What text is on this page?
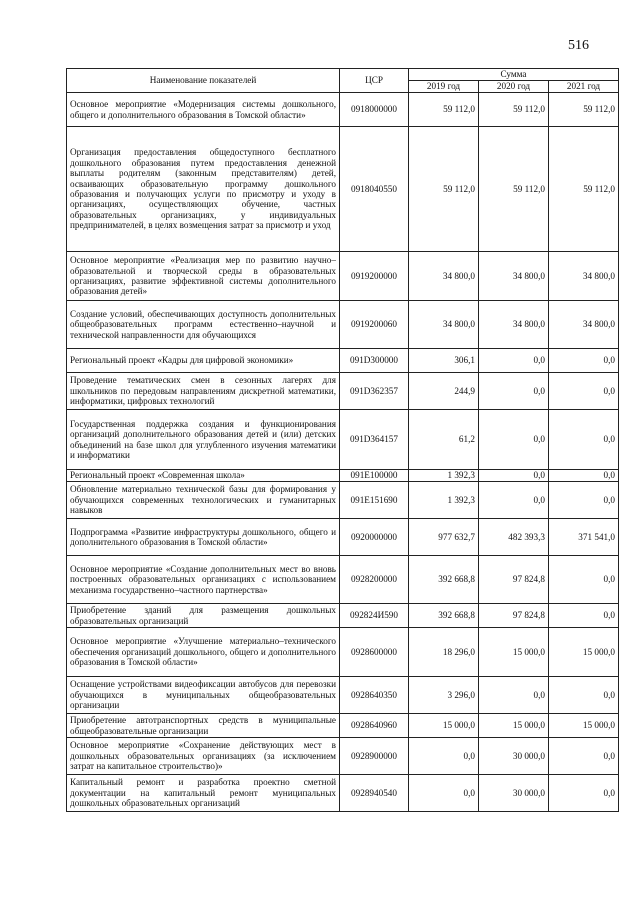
516
Наименование показателей	ЦСР	Сумма		
		2019 год	2020 год	2021 год
Основное мероприятие «Модернизация системы дошкольного, общего и дополнительного образования в Томской области»	0918000000	59 112,0	59 112,0	59 112,0
Организация предоставления общедоступного бесплатного дошкольного образования путем предоставления денежной выплаты родителям (законным представителям) детей, осваивающих образовательную программу дошкольного образования и получающих услуги по присмотру и уходу в организациях, осуществляющих обучение, частных образовательных организациях, у индивидуальных предпринимателей, в целях возмещения затрат за присмотр и уход	0918040550	59 112,0	59 112,0	59 112,0
Основное мероприятие «Реализация мер по развитию научно–образовательной и творческой среды в образовательных организациях, развитие эффективной системы дополнительного образования детей»	0919200000	34 800,0	34 800,0	34 800,0
Создание условий, обеспечивающих доступность дополнительных общеобразовательных программ естественно–научной и технической направленности для обучающихся	0919200060	34 800,0	34 800,0	34 800,0
Региональный проект «Кадры для цифровой экономики»	091D300000	306,1	0,0	0,0
Проведение тематических смен в сезонных лагерях для школьников по передовым направлениям дискретной математики, информатики, цифровых технологий	091D362357	244,9	0,0	0,0
Государственная поддержка создания и функционирования организаций дополнительного образования детей и (или) детских объединений на базе школ для углубленного изучения математики и информатики	091D364157	61,2	0,0	0,0
Региональный проект «Современная школа»	091E100000	1 392,3	0,0	0,0
Обновление материально технической базы для формирования у обучающихся современных технологических и гуманитарных навыков	091E151690	1 392,3	0,0	0,0
Подпрограмма «Развитие инфраструктуры дошкольного, общего и дополнительного образования в Томской области»	0920000000	977 632,7	482 393,3	371 541,0
Основное мероприятие «Создание дополнительных мест во вновь построенных образовательных организациях с использованием механизма государственно–частного партнерства»	0928200000	392 668,8	97 824,8	0,0
Приобретение зданий для размещения дошкольных образовательных организаций	092824И590	392 668,8	97 824,8	0,0
Основное мероприятие «Улучшение материально–технического обеспечения организаций дошкольного, общего и дополнительного образования в Томской области»	0928600000	18 296,0	15 000,0	15 000,0
Оснащение устройствами видеофиксации автобусов для перевозки обучающихся в муниципальных общеобразовательных организации	0928640350	3 296,0	0,0	0,0
Приобретение автотранспортных средств в муниципальные общеобразовательные организации	0928640960	15 000,0	15 000,0	15 000,0
Основное мероприятие «Сохранение действующих мест в дошкольных образовательных организациях (за исключением затрат на капитальное строительство)»	0928900000	0,0	30 000,0	0,0
Капитальный ремонт и разработка проектно сметной документации на капитальный ремонт муниципальных дошкольных образовательных организаций	0928940540	0,0	30 000,0	0,0
